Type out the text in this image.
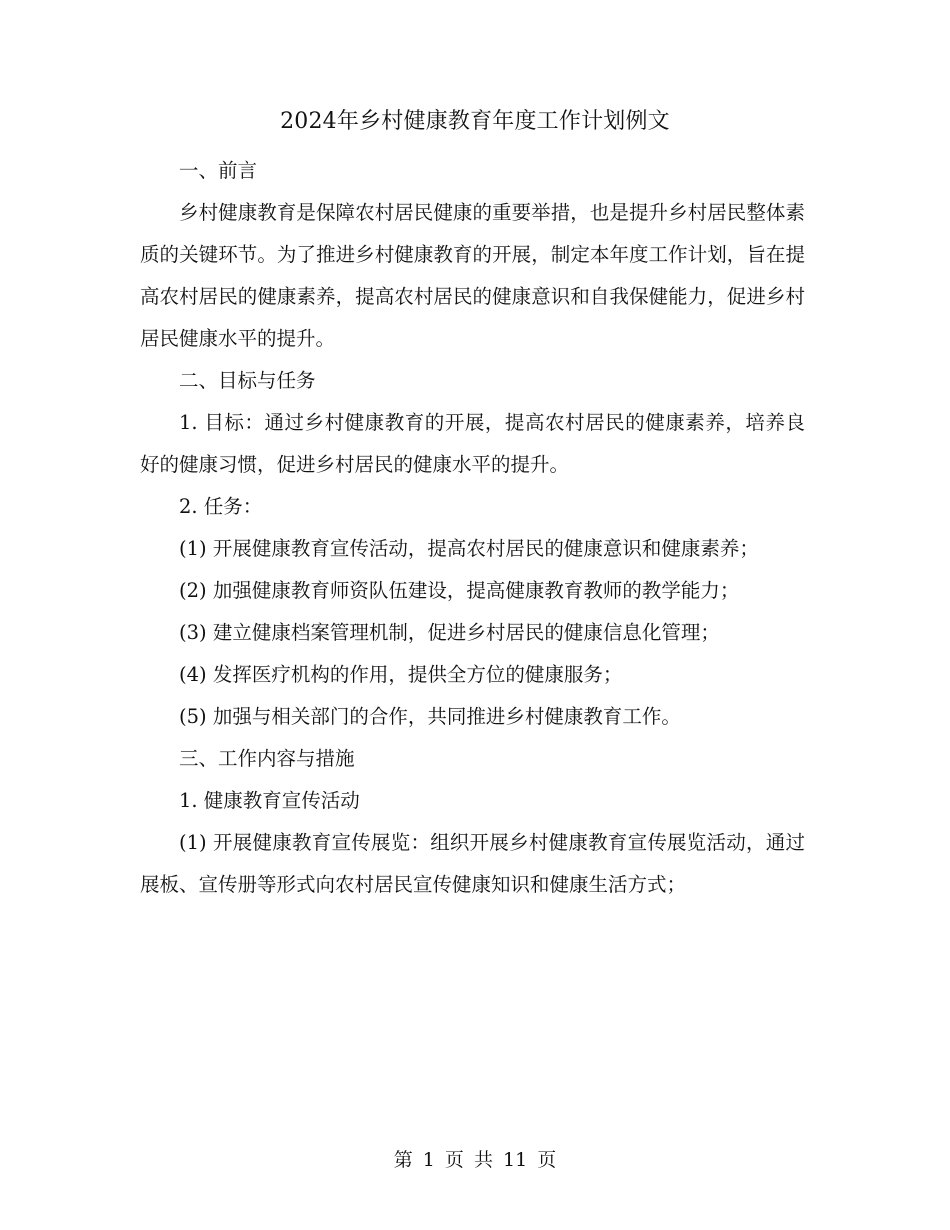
2024年乡村健康教育年度工作计划例文

一、前言

乡村健康教育是保障农村居民健康的重要举措，也是提升乡村居民整体素质的关键环节。为了推进乡村健康教育的开展，制定本年度工作计划，旨在提高农村居民的健康素养，提高农村居民的健康意识和自我保健能力，促进乡村居民健康水平的提升。

二、目标与任务

1. 目标：通过乡村健康教育的开展，提高农村居民的健康素养，培养良好的健康习惯，促进乡村居民的健康水平的提升。

2. 任务：

(1) 开展健康教育宣传活动，提高农村居民的健康意识和健康素养；

(2) 加强健康教育师资队伍建设，提高健康教育教师的教学能力；

(3) 建立健康档案管理机制，促进乡村居民的健康信息化管理；

(4) 发挥医疗机构的作用，提供全方位的健康服务；

(5) 加强与相关部门的合作，共同推进乡村健康教育工作。

三、工作内容与措施

1. 健康教育宣传活动

(1) 开展健康教育宣传展览：组织开展乡村健康教育宣传展览活动，通过展板、宣传册等形式向农村居民宣传健康知识和健康生活方式；

第 1 页 共 11 页
